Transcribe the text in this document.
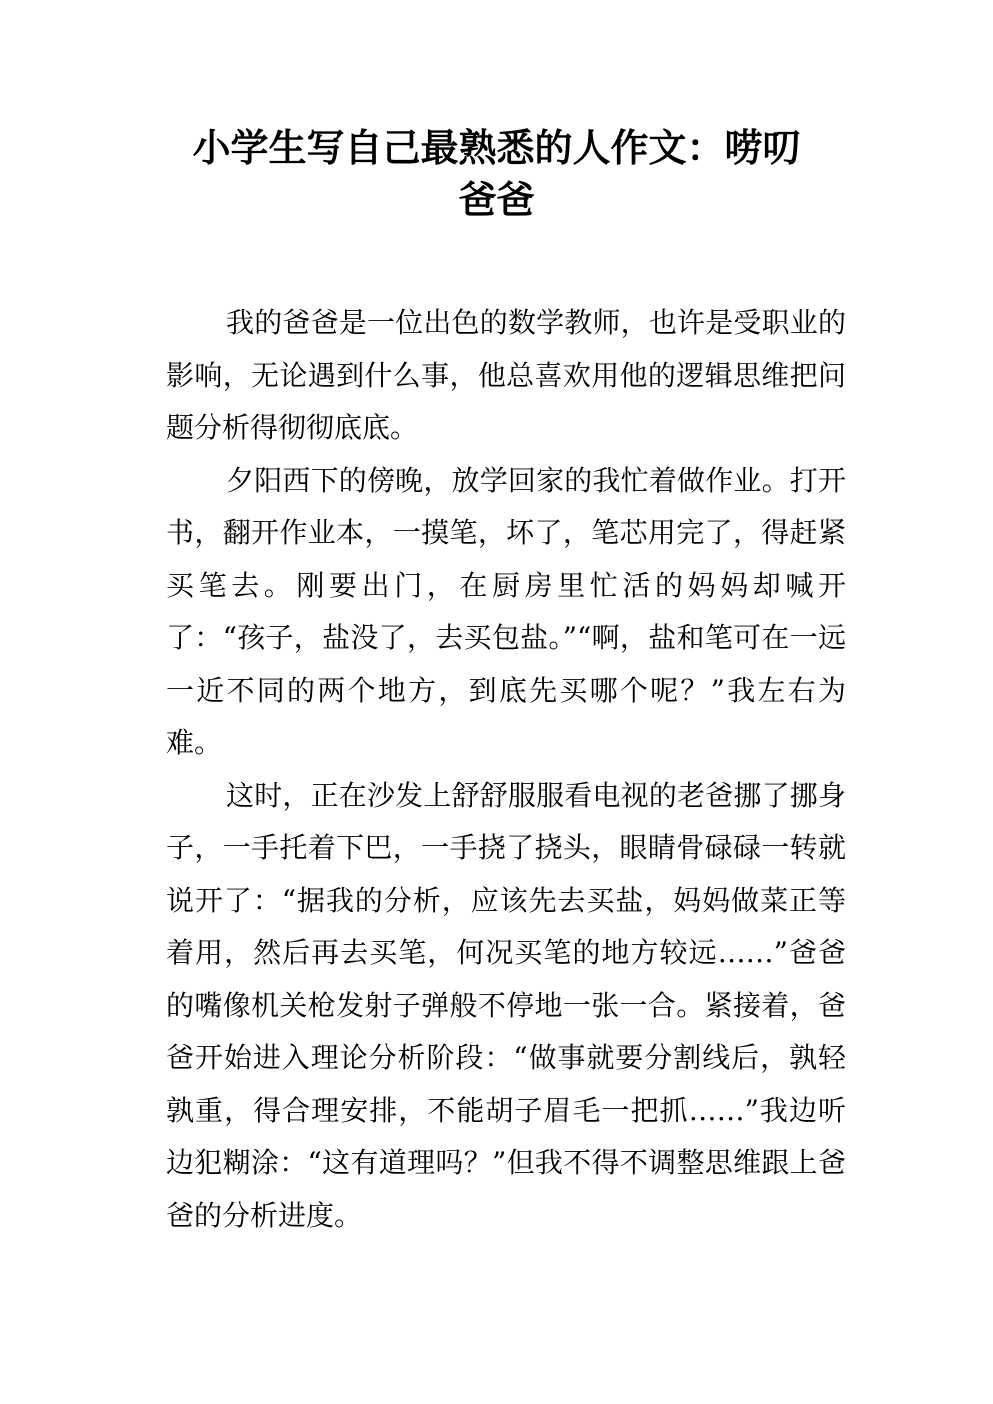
小学生写自己最熟悉的人作文：唠叨
爸爸

我的爸爸是一位出色的数学教师，也许是受职业的影响，无论遇到什么事，他总喜欢用他的逻辑思维把问题分析得彻彻底底。

夕阳西下的傍晚，放学回家的我忙着做作业。打开书，翻开作业本，一摸笔，坏了，笔芯用完了，得赶紧买笔去。刚要出门，在厨房里忙活的妈妈却喊开了：“孩子，盐没了，去买包盐。”“啊，盐和笔可在一远一近不同的两个地方，到底先买哪个呢？”我左右为难。

这时，正在沙发上舒舒服服看电视的老爸挪了挪身子，一手托着下巴，一手挠了挠头，眼睛骨碌碌一转就说开了：“据我的分析，应该先去买盐，妈妈做菜正等着用，然后再去买笔，何况买笔的地方较远……”爸爸的嘴像机关枪发射子弹般不停地一张一合。紧接着，爸爸开始进入理论分析阶段：“做事就要分割线后，孰轻孰重，得合理安排，不能胡子眉毛一把抓……”我边听边犯糊涂：“这有道理吗？”但我不得不调整思维跟上爸爸的分析进度。
